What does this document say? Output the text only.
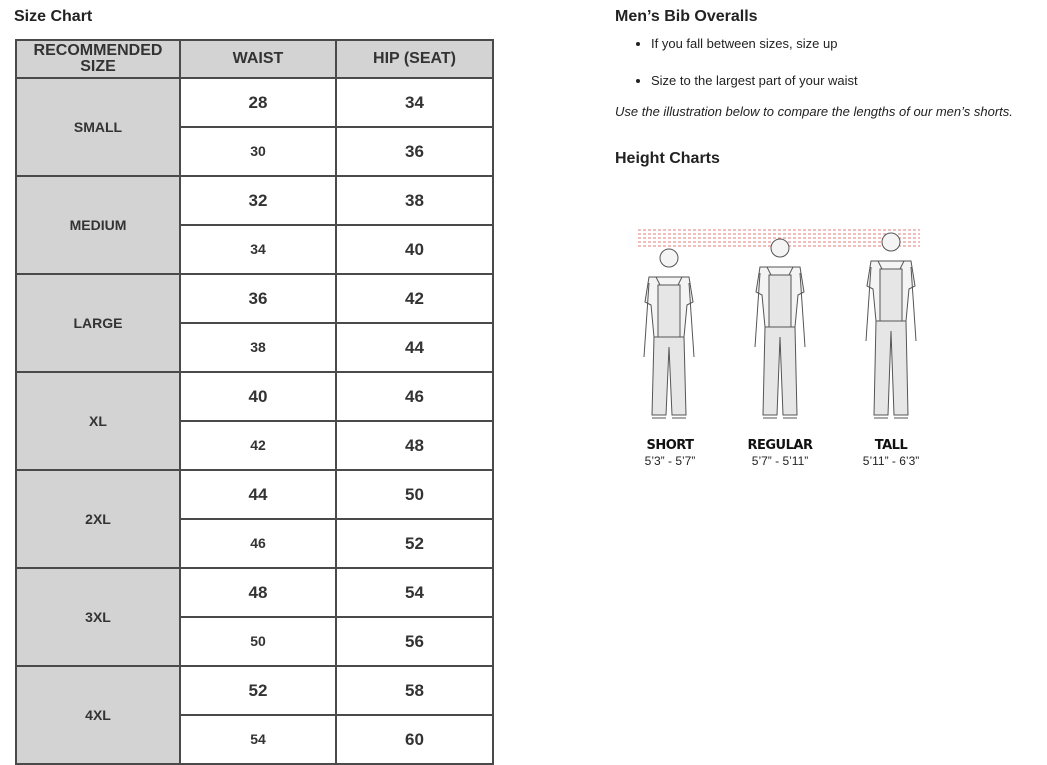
Size Chart
RECOMMENDED SIZE	WAIST	HIP (SEAT)
SMALL	28	34
	30	36
MEDIUM	32	38
	34	40
LARGE	36	42
	38	44
XL	40	46
	42	48
2XL	44	50
	46	52
3XL	48	54
	50	56
4XL	52	58
	54	60
Men’s Bib Overalls
• If you fall between sizes, size up
• Size to the largest part of your waist
Use the illustration below to compare the lengths of our men’s shorts.
Height Charts
SHORT
5’3” - 5’7”
REGULAR
5’7” - 5’11”
TALL
5’11” - 6’3”
